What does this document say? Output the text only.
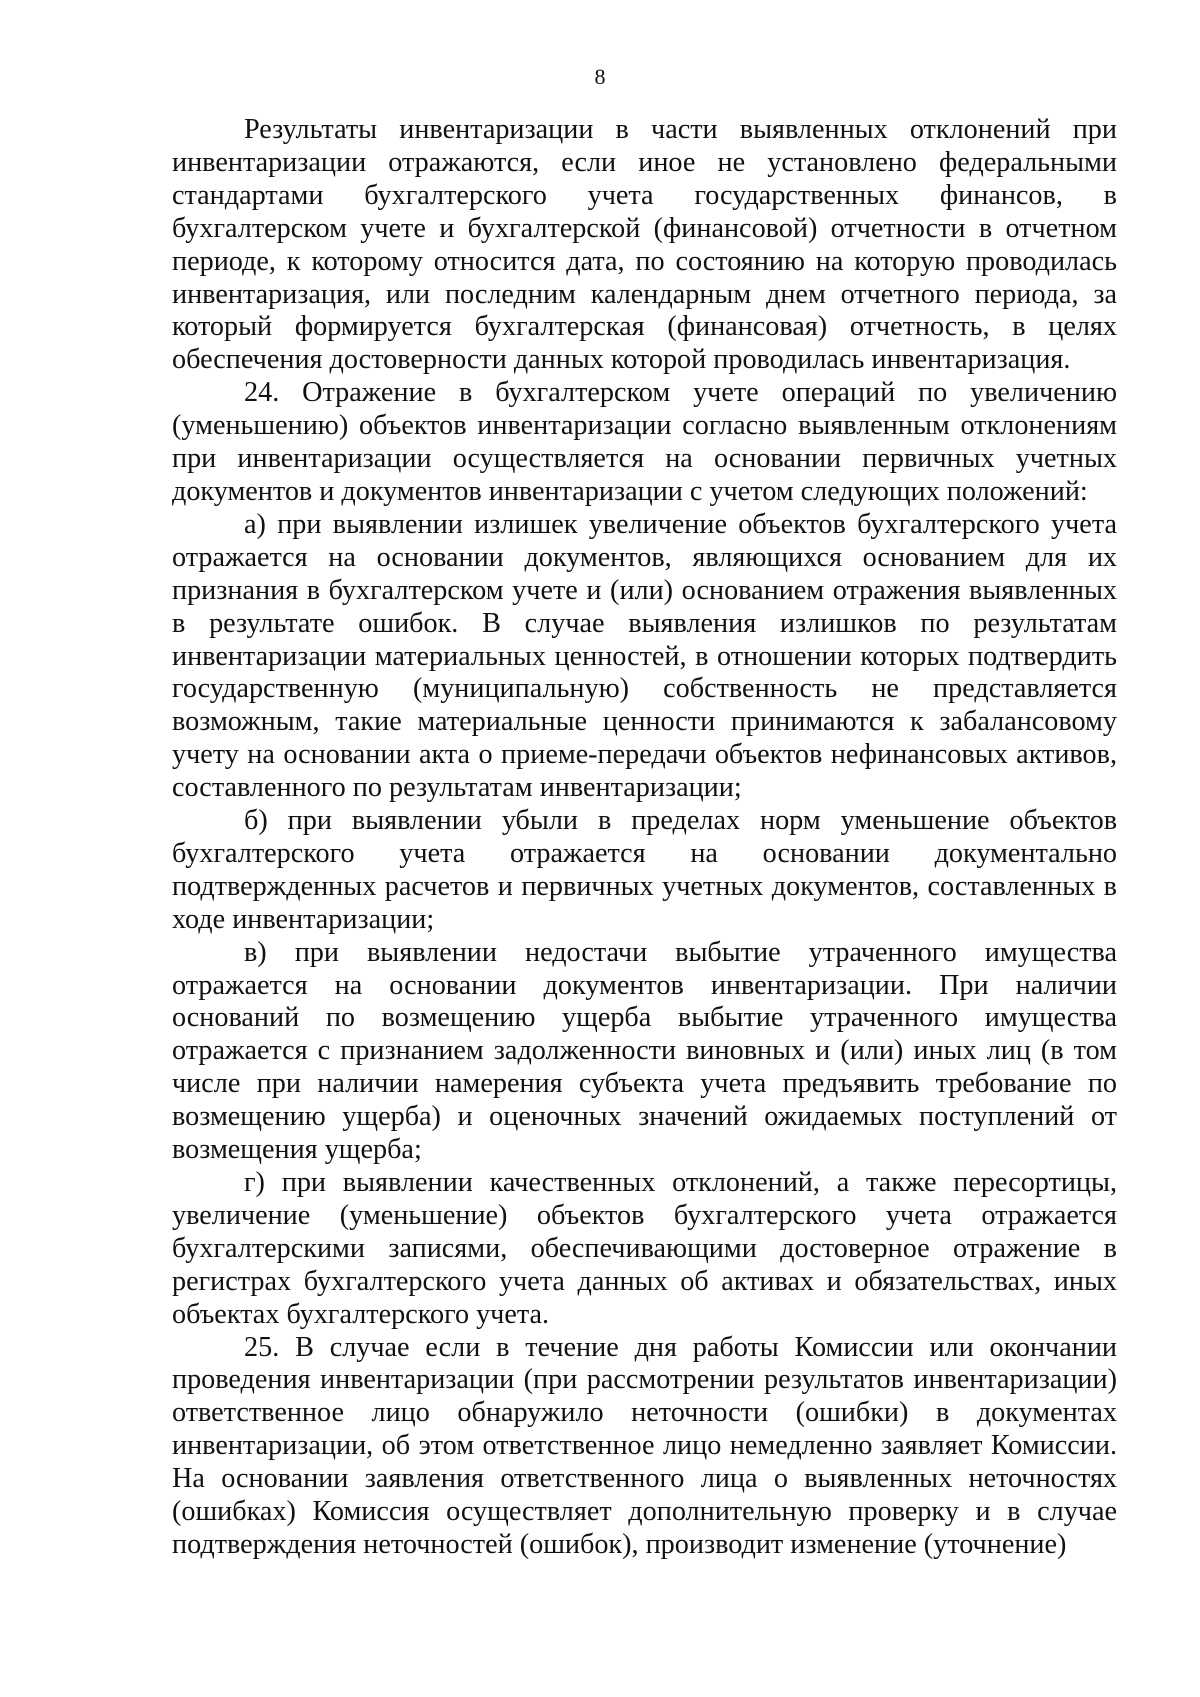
8

Результаты инвентаризации в части выявленных отклонений при инвентаризации отражаются, если иное не установлено федеральными стандартами бухгалтерского учета государственных финансов, в бухгалтерском учете и бухгалтерской (финансовой) отчетности в отчетном периоде, к которому относится дата, по состоянию на которую проводилась инвентаризация, или последним календарным днем отчетного периода, за который формируется бухгалтерская (финансовая) отчетность, в целях обеспечения достоверности данных которой проводилась инвентаризация.

24. Отражение в бухгалтерском учете операций по увеличению (уменьшению) объектов инвентаризации согласно выявленным отклонениям при инвентаризации осуществляется на основании первичных учетных документов и документов инвентаризации с учетом следующих положений:

а) при выявлении излишек увеличение объектов бухгалтерского учета отражается на основании документов, являющихся основанием для их признания в бухгалтерском учете и (или) основанием отражения выявленных в результате ошибок. В случае выявления излишков по результатам инвентаризации материальных ценностей, в отношении которых подтвердить государственную (муниципальную) собственность не представляется возможным, такие материальные ценности принимаются к забалансовому учету на основании акта о приеме-передачи объектов нефинансовых активов, составленного по результатам инвентаризации;

б) при выявлении убыли в пределах норм уменьшение объектов бухгалтерского учета отражается на основании документально подтвержденных расчетов и первичных учетных документов, составленных в ходе инвентаризации;

в) при выявлении недостачи выбытие утраченного имущества отражается на основании документов инвентаризации. При наличии оснований по возмещению ущерба выбытие утраченного имущества отражается с признанием задолженности виновных и (или) иных лиц (в том числе при наличии намерения субъекта учета предъявить требование по возмещению ущерба) и оценочных значений ожидаемых поступлений от возмещения ущерба;

г) при выявлении качественных отклонений, а также пересортицы, увеличение (уменьшение) объектов бухгалтерского учета отражается бухгалтерскими записями, обеспечивающими достоверное отражение в регистрах бухгалтерского учета данных об активах и обязательствах, иных объектах бухгалтерского учета.

25. В случае если в течение дня работы Комиссии или окончании проведения инвентаризации (при рассмотрении результатов инвентаризации) ответственное лицо обнаружило неточности (ошибки) в документах инвентаризации, об этом ответственное лицо немедленно заявляет Комиссии. На основании заявления ответственного лица о выявленных неточностях (ошибках) Комиссия осуществляет дополнительную проверку и в случае подтверждения неточностей (ошибок), производит изменение (уточнение)
